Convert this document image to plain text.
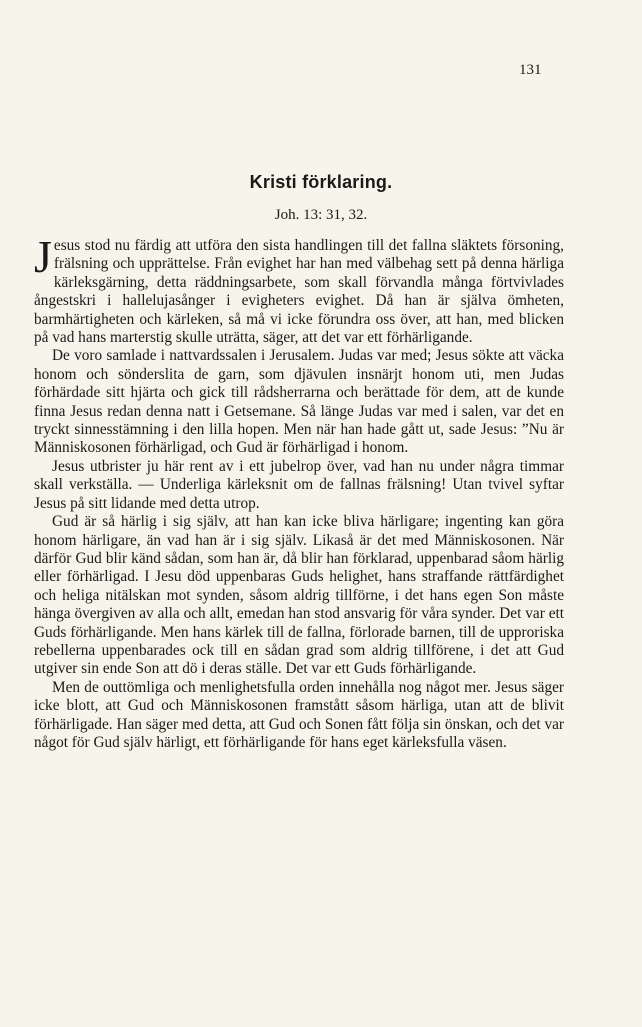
131
Kristi förklaring.
Joh. 13: 31, 32.

Jesus stod nu färdig att utföra den sista handlingen till det fallna släktets försoning, frälsning och upprättelse. Från evighet har han med välbehag sett på denna härliga kärleksgärning, detta räddningsarbete, som skall förvandla många förtvivlades ångestskri i hallelujasånger i evigheters evighet. Då han är själva ömheten, barmhärtigheten och kärleken, så må vi icke förundra oss över, att han, med blicken på vad hans marterstig skulle uträtta, säger, att det var ett förhärligande.

De voro samlade i nattvardssalen i Jerusalem. Judas var med; Jesus sökte att väcka honom och sönderslita de garn, som djävulen insnärjt honom uti, men Judas förhärdade sitt hjärta och gick till rådsherrarna och berättade för dem, att de kunde finna Jesus redan denna natt i Getsemane. Så länge Judas var med i salen, var det en tryckt sinnesstämning i den lilla hopen. Men när han hade gått ut, sade Jesus: ”Nu är Människosonen förhärligad, och Gud är förhärligad i honom.

Jesus utbrister ju här rent av i ett jubelrop över, vad han nu under några timmar skall verkställa. — Underliga kärleksnit om de fallnas frälsning! Utan tvivel syftar Jesus på sitt lidande med detta utrop.

Gud är så härlig i sig själv, att han kan icke bliva härligare; ingenting kan göra honom härligare, än vad han är i sig själv. Likaså är det med Människosonen. När därför Gud blir känd sådan, som han är, då blir han förklarad, uppenbarad såom härlig eller förhärligad. I Jesu död uppenbaras Guds helighet, hans straffande rättfärdighet och heliga nitälskan mot synden, såsom aldrig tillförne, i det hans egen Son måste hänga övergiven av alla och allt, emedan han stod ansvarig för våra synder. Det var ett Guds förhärligande. Men hans kärlek till de fallna, förlorade barnen, till de upproriska rebellerna uppenbarades ock till en sådan grad som aldrig tillförene, i det att Gud utgiver sin ende Son att dö i deras ställe. Det var ett Guds förhärligande.

Men de outtömliga och menlighetsfulla orden innehålla nog något mer. Jesus säger icke blott, att Gud och Människosonen framstått såsom härliga, utan att de blivit förhärligade. Han säger med detta, att Gud och Sonen fått följa sin önskan, och det var något för Gud själv härligt, ett förhärligande för hans eget kärleksfulla väsen.
